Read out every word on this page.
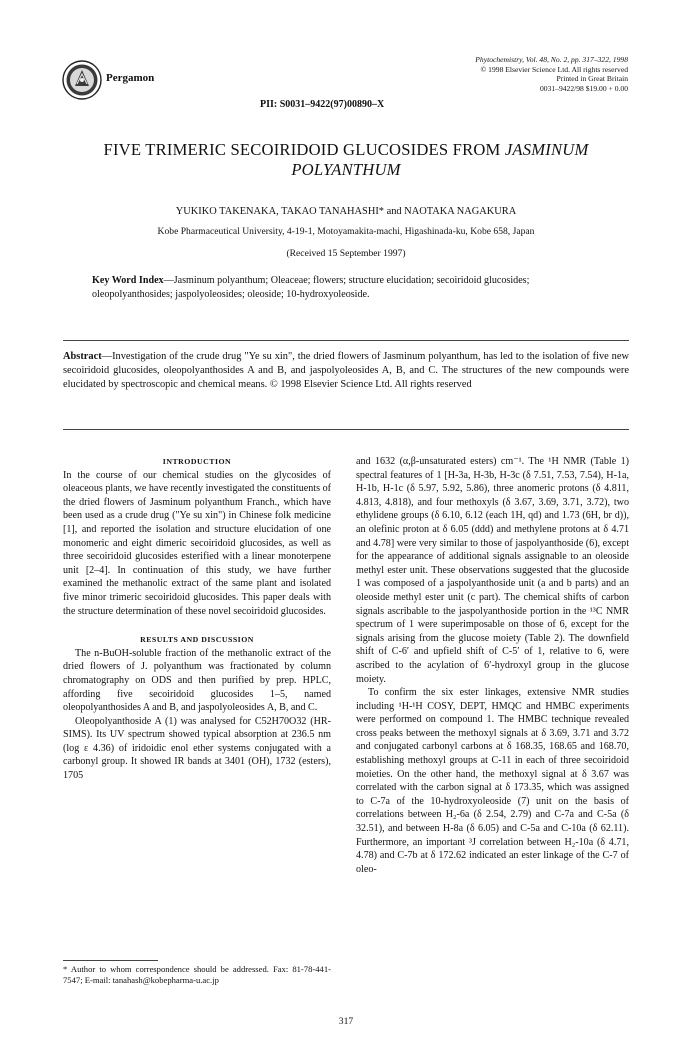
Pergamon
Phytochemistry, Vol. 48, No. 2, pp. 317–322, 1998
© 1998 Elsevier Science Ltd. All rights reserved
Printed in Great Britain
0031–9422/98 $19.00 + 0.00
PII: S0031–9422(97)00890–X
FIVE TRIMERIC SECOIRIDOID GLUCOSIDES FROM JASMINUM POLYANTHUM
YUKIKO TAKENAKA, TAKAO TANAHASHI* and NAOTAKA NAGAKURA
Kobe Pharmaceutical University, 4-19-1, Motoyamakita-machi, Higashinada-ku, Kobe 658, Japan
(Received 15 September 1997)
Key Word Index—Jasminum polyanthum; Oleaceae; flowers; structure elucidation; secoiridoid glucosides; oleopolyanthosides; jaspolyoleosides; oleoside; 10-hydroxyoleoside.
Abstract—Investigation of the crude drug "Ye su xin", the dried flowers of Jasminum polyanthum, has led to the isolation of five new secoiridoid glucosides, oleopolyanthosides A and B, and jaspolyoleosides A, B, and C. The structures of the new compounds were elucidated by spectroscopic and chemical means. © 1998 Elsevier Science Ltd. All rights reserved

INTRODUCTION

In the course of our chemical studies on the glycosides of oleaceous plants, we have recently investigated the constituents of the dried flowers of Jasminum polyanthum Franch., which have been used as a crude drug ("Ye su xin") in Chinese folk medicine [1], and reported the isolation and structure elucidation of one monomeric and eight dimeric secoiridoid glucosides, as well as three secoiridoid glucosides esterified with a linear monoterpene unit [2–4]. In continuation of this study, we have further examined the methanolic extract of the same plant and isolated five minor trimeric secoiridoid glucosides. This paper deals with the structure determination of these novel secoiridoid glucosides.

RESULTS AND DISCUSSION

The n-BuOH-soluble fraction of the methanolic extract of the dried flowers of J. polyanthum was fractionated by column chromatography on ODS and then purified by prep. HPLC, affording five secoiridoid glucosides 1–5, named oleopolyanthosides A and B, and jaspolyoleosides A, B, and C.

Oleopolyanthoside A (1) was analysed for C52H70O32 (HR-SIMS). Its UV spectrum showed typical absorption at 236.5 nm (log ε 4.36) of iridoidic enol ether systems conjugated with a carbonyl group. It showed IR bands at 3401 (OH), 1732 (esters), 1705

and 1632 (α,β-unsaturated esters) cm⁻¹. The ¹H NMR (Table 1) spectral features of 1 [H-3a, H-3b, H-3c (δ 7.51, 7.53, 7.54), H-1a, H-1b, H-1c (δ 5.97, 5.92, 5.86), three anomeric protons (δ 4.811, 4.813, 4.818), and four methoxyls (δ 3.67, 3.69, 3.71, 3.72), two ethylidene groups (δ 6.10, 6.12 (each 1H, qd) and 1.73 (6H, br d)), an olefinic proton at δ 6.05 (ddd) and methylene protons at δ 4.71 and 4.78] were very similar to those of jaspolyanthoside (6), except for the appearance of additional signals assignable to an oleoside methyl ester unit. These observations suggested that the glucoside 1 was composed of a jaspolyanthoside unit (a and b parts) and an oleoside methyl ester unit (c part). The chemical shifts of carbon signals ascribable to the jaspolyanthoside portion in the ¹³C NMR spectrum of 1 were superimposable on those of 6, except for the signals arising from the glucose moiety (Table 2). The downfield shift of C-6′ and upfield shift of C-5′ of 1, relative to 6, were ascribed to the acylation of 6′-hydroxyl group in the glucose moiety.

To confirm the six ester linkages, extensive NMR studies including ¹H-¹H COSY, DEPT, HMQC and HMBC experiments were performed on compound 1. The HMBC technique revealed cross peaks between the methoxyl signals at δ 3.69, 3.71 and 3.72 and conjugated carbonyl carbons at δ 168.35, 168.65 and 168.70, establishing methoxyl groups at C-11 in each of three secoiridoid moieties. On the other hand, the methoxyl signal at δ 3.67 was correlated with the carbon signal at δ 173.35, which was assigned to C-7a of the 10-hydroxyoleoside (7) unit on the basis of correlations between H₂-6a (δ 2.54, 2.79) and C-7a and C-5a (δ 32.51), and between H-8a (δ 6.05) and C-5a and C-10a (δ 62.11). Furthermore, an important ³J correlation between H₂-10a (δ 4.71, 4.78) and C-7b at δ 172.62 indicated an ester linkage of the C-7 of oleo-

* Author to whom correspondence should be addressed. Fax: 81-78-441-7547; E-mail: tanahash@kobepharma-u.ac.jp
317
